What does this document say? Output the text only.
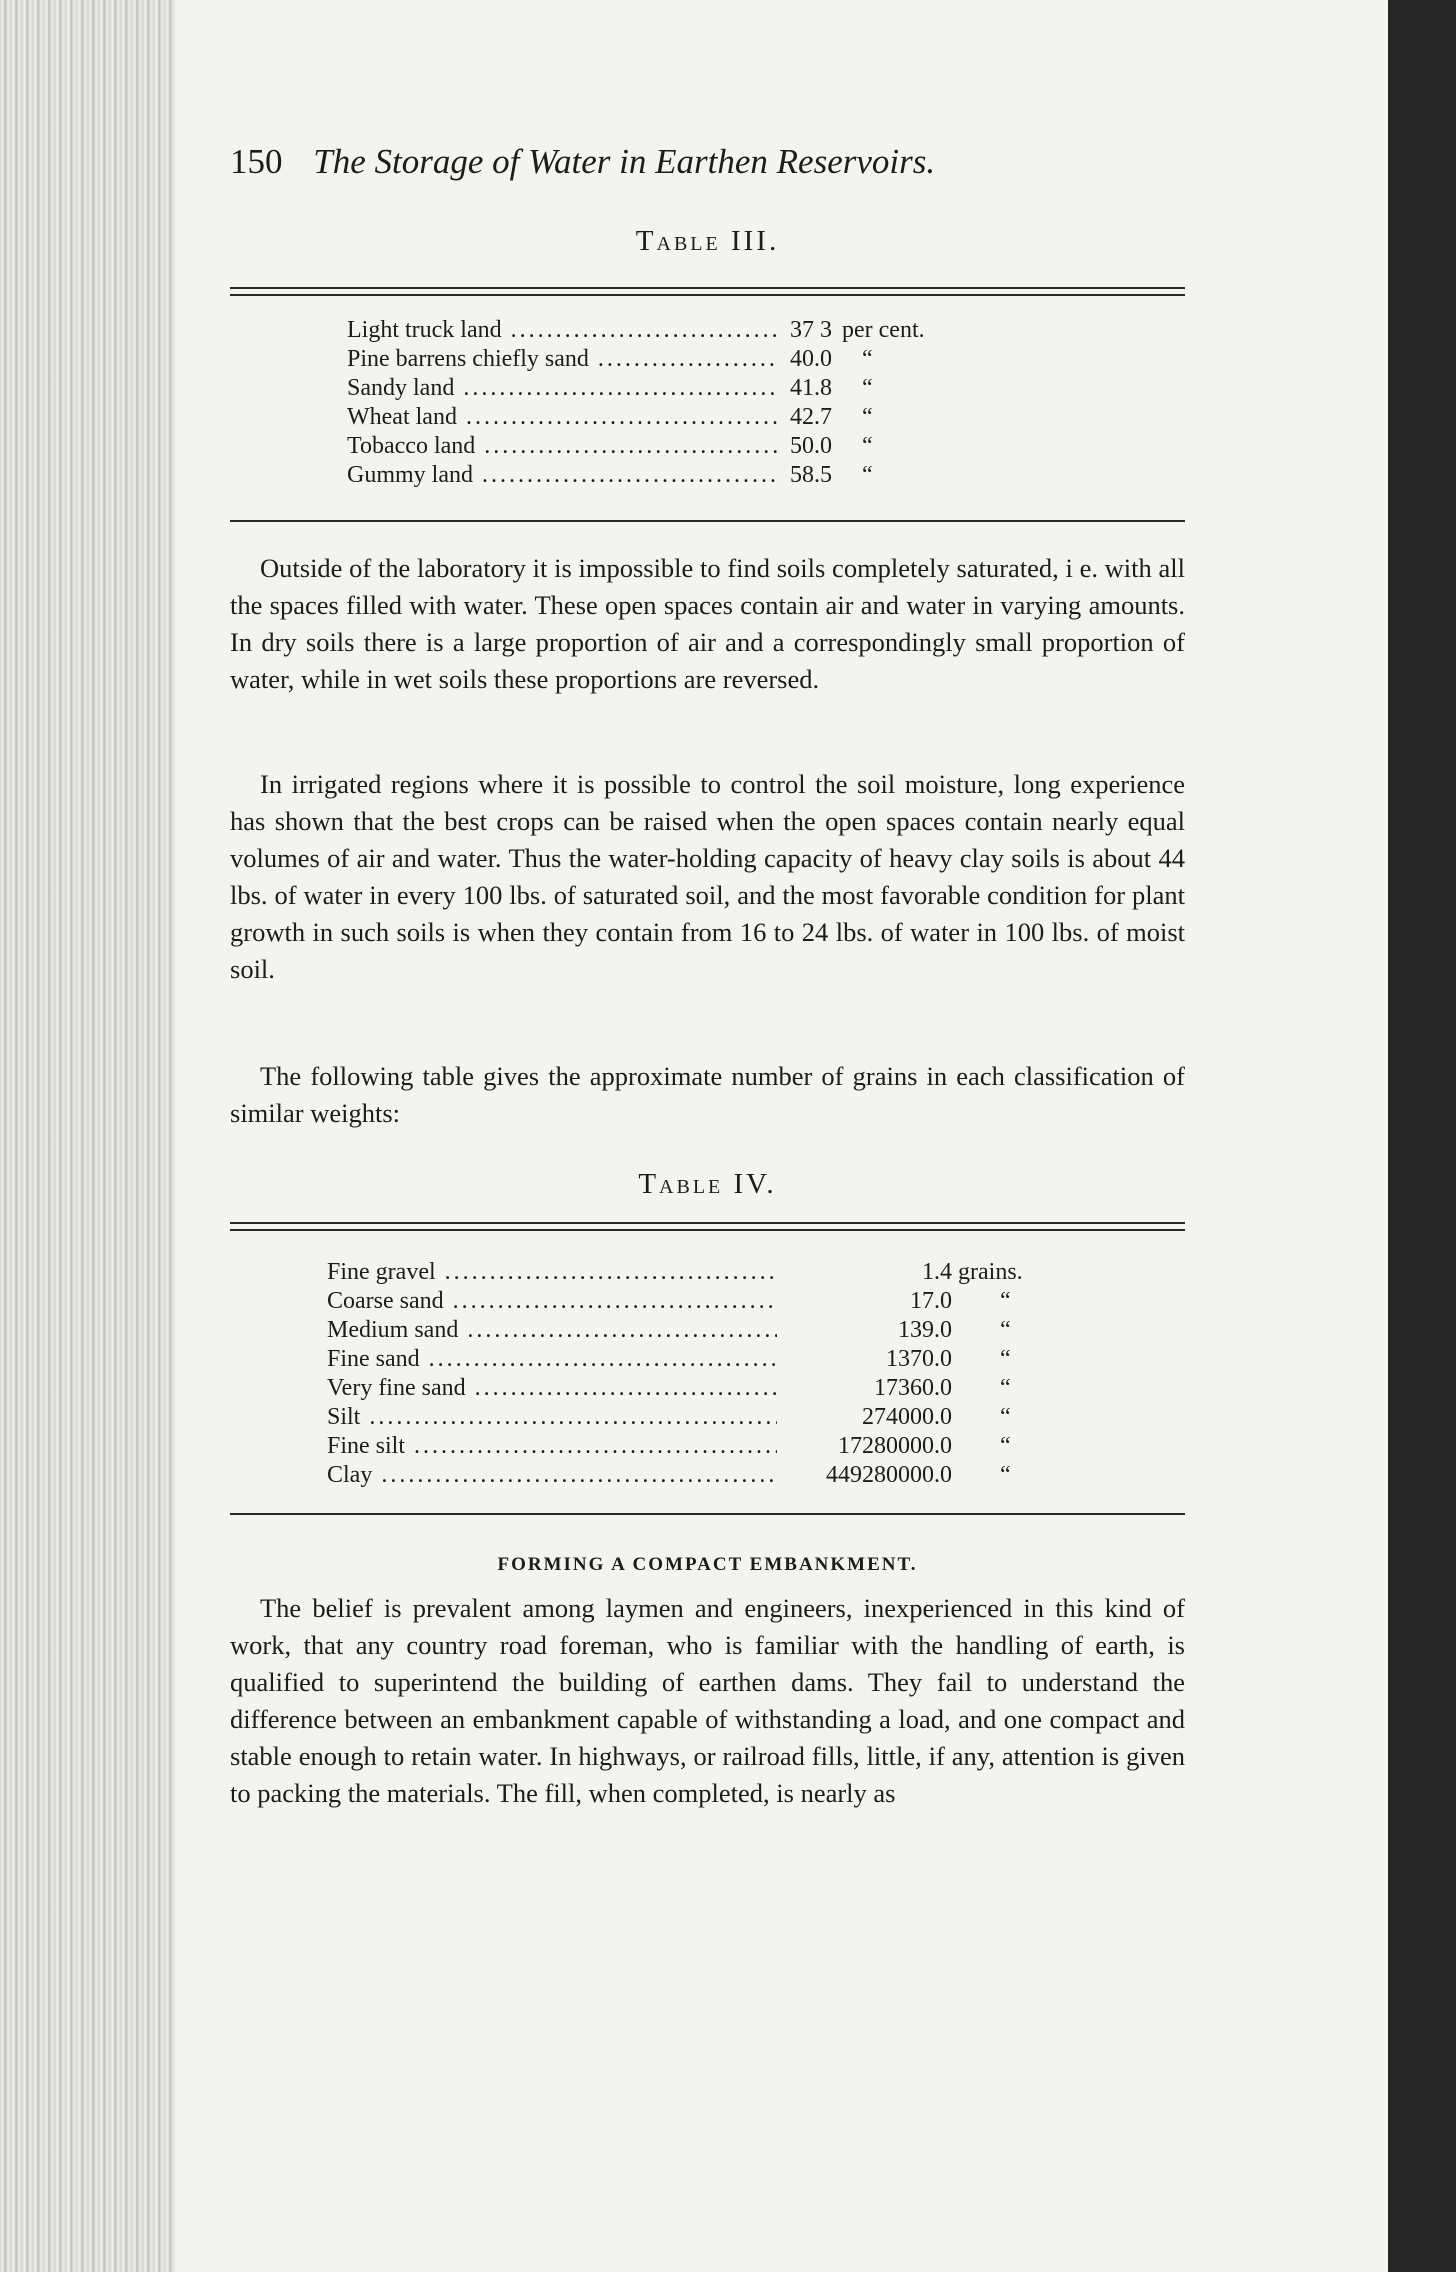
150 The Storage of Water in Earthen Reservoirs.
Table III.
Light truck land .....	37 3 per cent.
Pine barrens chiefly sand .....	40.0	“
Sandy land .....	41.8	“
Wheat land .....	42.7	“
Tobacco land .....	50.0	“
Gummy land .....	58.5	“

Outside of the laboratory it is impossible to find soils completely saturated, i e. with all the spaces filled with water. These open spaces contain air and water in varying amounts. In dry soils there is a large proportion of air and a correspondingly small proportion of water, while in wet soils these proportions are reversed.

In irrigated regions where it is possible to control the soil moisture, long experience has shown that the best crops can be raised when the open spaces contain nearly equal volumes of air and water. Thus the water-holding capacity of heavy clay soils is about 44 lbs. of water in every 100 lbs. of saturated soil, and the most favorable condition for plant growth in such soils is when they contain from 16 to 24 lbs. of water in 100 lbs. of moist soil.

The following table gives the approximate number of grains in each classification of similar weights:

Table IV.
Fine gravel .....	1.4 grains.
Coarse sand .....	17.0	“
Medium sand .....	139.0	“
Fine sand .....	1370.0	“
Very fine sand .....	17360.0	“
Silt .....	274000.0	“
Fine silt .....	17280000.0	“
Clay .....	449280000.0	“
FORMING A COMPACT EMBANKMENT.

The belief is prevalent among laymen and engineers, inexperienced in this kind of work, that any country road foreman, who is familiar with the handling of earth, is qualified to superintend the building of earthen dams. They fail to understand the difference between an embankment capable of withstanding a load, and one compact and stable enough to retain water. In highways, or railroad fills, little, if any, attention is given to packing the materials. The fill, when completed, is nearly as
